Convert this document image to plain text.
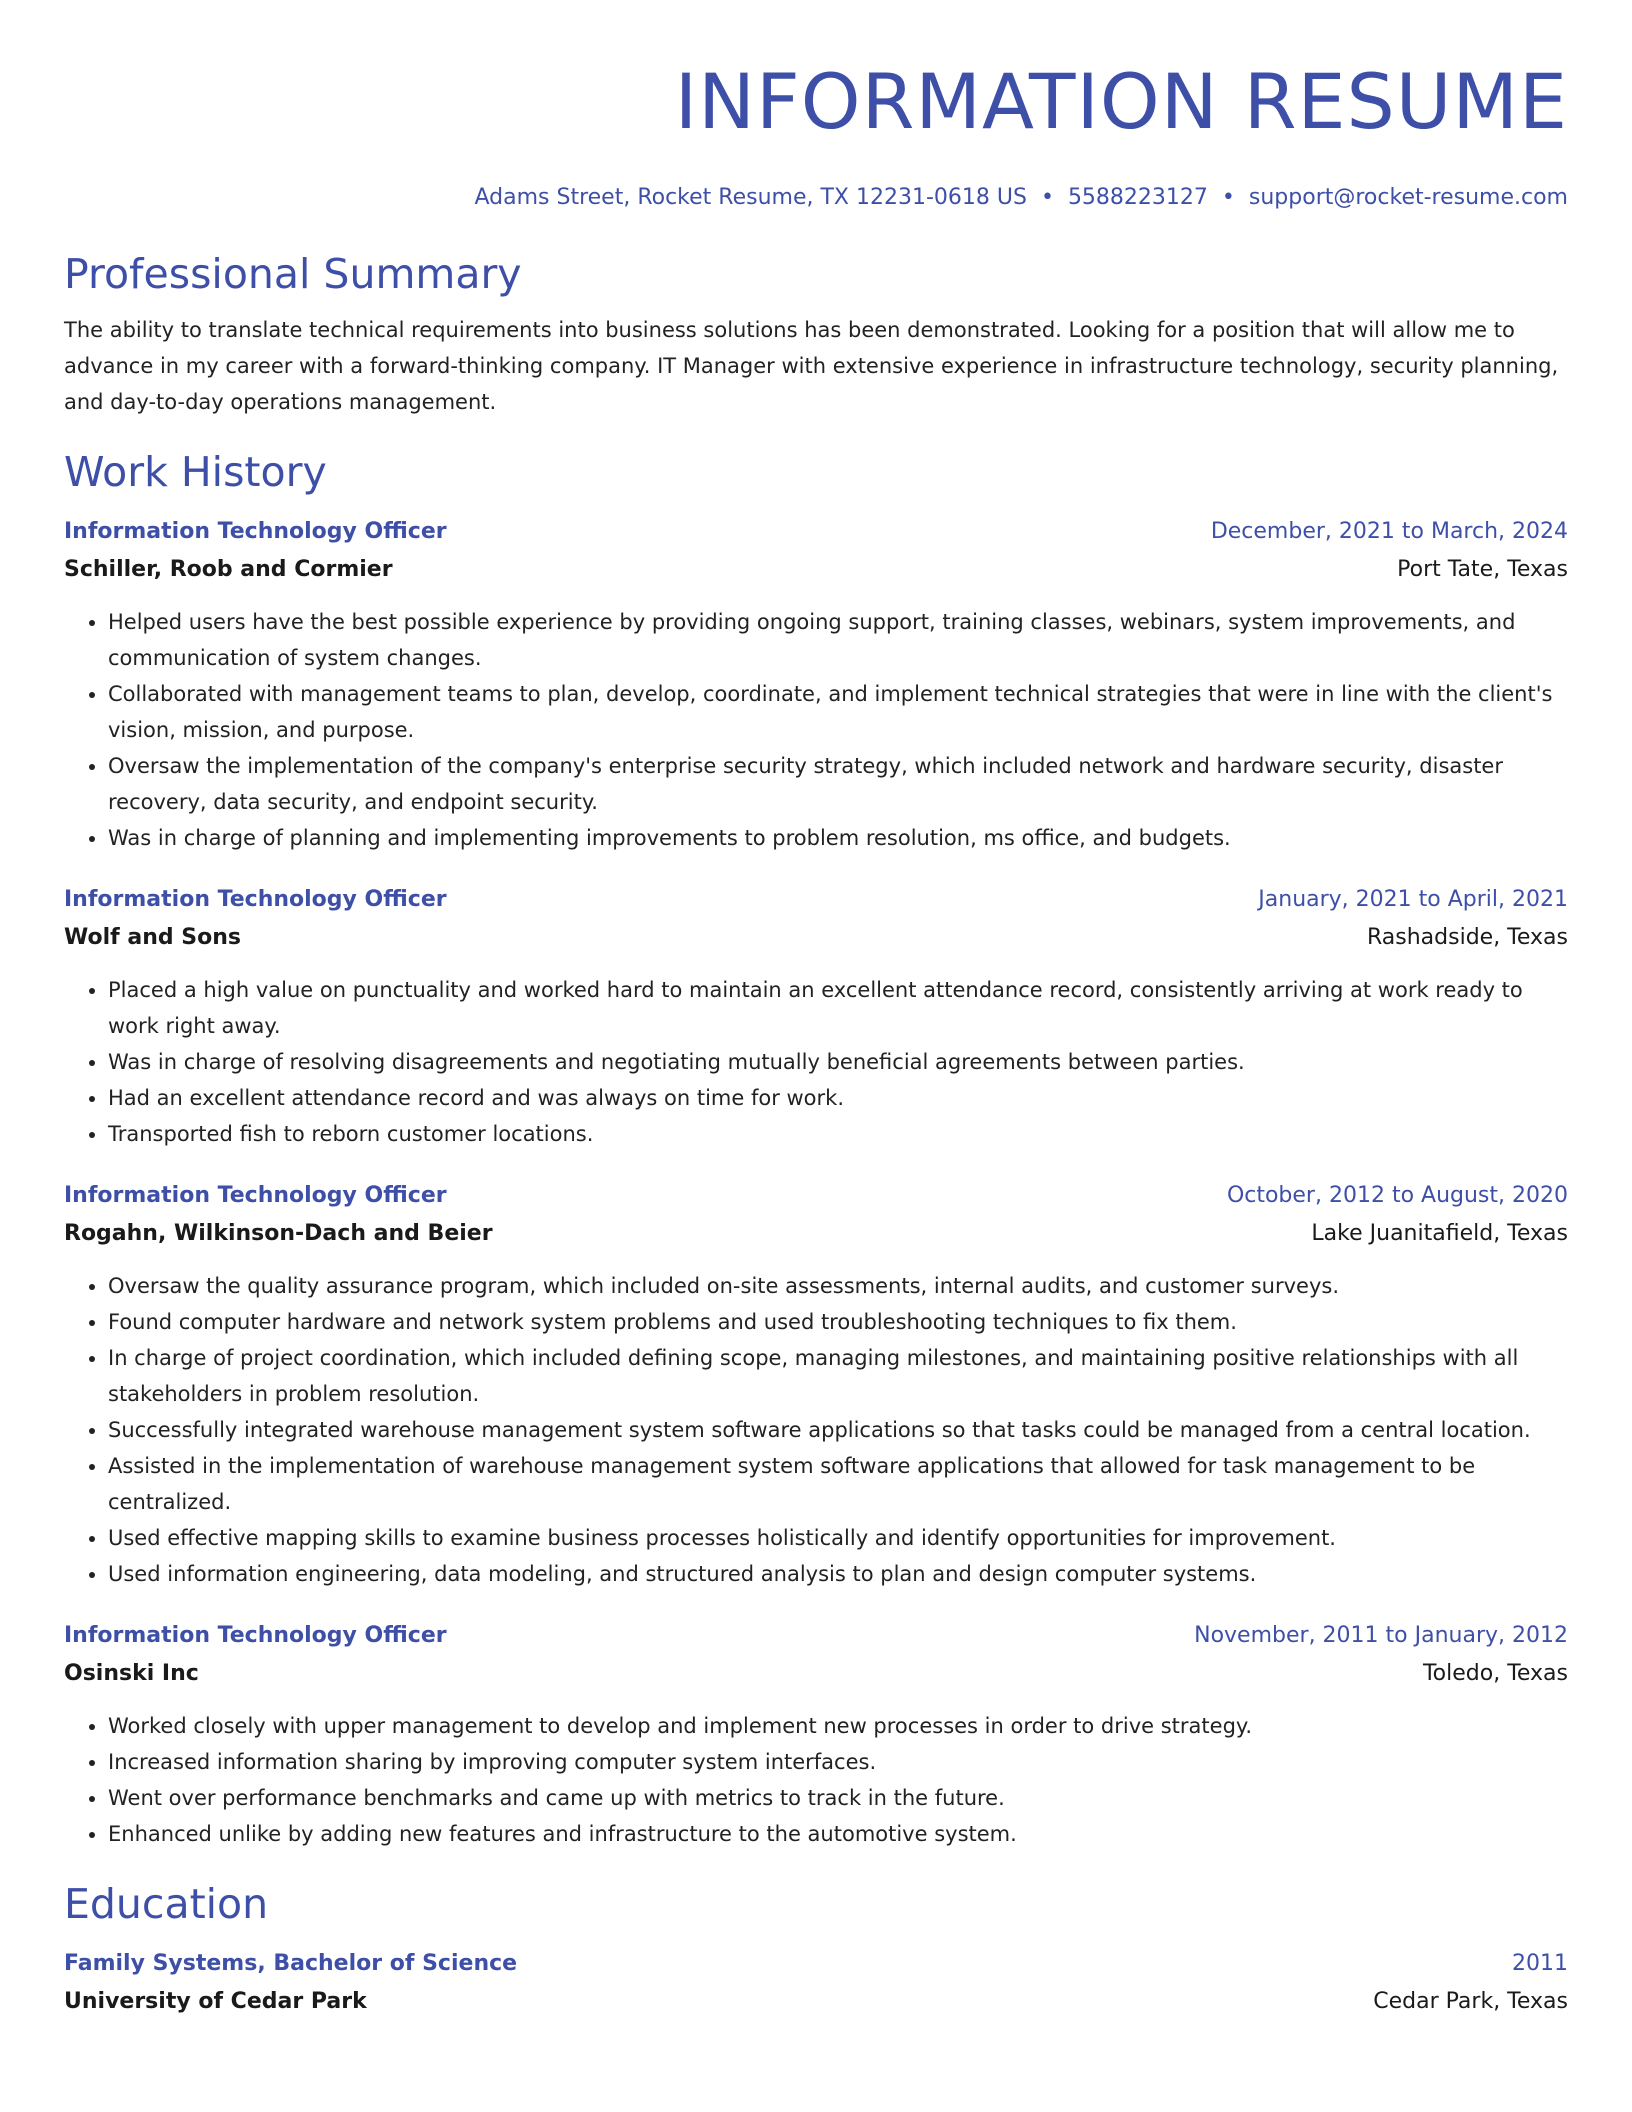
INFORMATION RESUME
Adams Street, Rocket Resume, TX 12231-0618 US • 5588223127 • support@rocket-resume.com
Professional Summary

The ability to translate technical requirements into business solutions has been demonstrated. Looking for a position that will allow me to advance in my career with a forward-thinking company. IT Manager with extensive experience in infrastructure technology, security planning, and day-to-day operations management.

Work History
Information Technology Officer	December, 2021 to March, 2024
Schiller, Roob and Cormier	Port Tate, Texas
• Helped users have the best possible experience by providing ongoing support, training classes, webinars, system improvements, and communication of system changes.
• Collaborated with management teams to plan, develop, coordinate, and implement technical strategies that were in line with the client's vision, mission, and purpose.
• Oversaw the implementation of the company's enterprise security strategy, which included network and hardware security, disaster recovery, data security, and endpoint security.
• Was in charge of planning and implementing improvements to problem resolution, ms office, and budgets.
Information Technology Officer	January, 2021 to April, 2021
Wolf and Sons	Rashadside, Texas
• Placed a high value on punctuality and worked hard to maintain an excellent attendance record, consistently arriving at work ready to work right away.
• Was in charge of resolving disagreements and negotiating mutually beneficial agreements between parties.
• Had an excellent attendance record and was always on time for work.
• Transported fish to reborn customer locations.
Information Technology Officer	October, 2012 to August, 2020
Rogahn, Wilkinson-Dach and Beier	Lake Juanitafield, Texas
• Oversaw the quality assurance program, which included on-site assessments, internal audits, and customer surveys.
• Found computer hardware and network system problems and used troubleshooting techniques to fix them.
• In charge of project coordination, which included defining scope, managing milestones, and maintaining positive relationships with all stakeholders in problem resolution.
• Successfully integrated warehouse management system software applications so that tasks could be managed from a central location.
• Assisted in the implementation of warehouse management system software applications that allowed for task management to be centralized.
• Used effective mapping skills to examine business processes holistically and identify opportunities for improvement.
• Used information engineering, data modeling, and structured analysis to plan and design computer systems.
Information Technology Officer	November, 2011 to January, 2012
Osinski Inc	Toledo, Texas
• Worked closely with upper management to develop and implement new processes in order to drive strategy.
• Increased information sharing by improving computer system interfaces.
• Went over performance benchmarks and came up with metrics to track in the future.
• Enhanced unlike by adding new features and infrastructure to the automotive system.
Education
Family Systems, Bachelor of Science	2011
University of Cedar Park	Cedar Park, Texas
